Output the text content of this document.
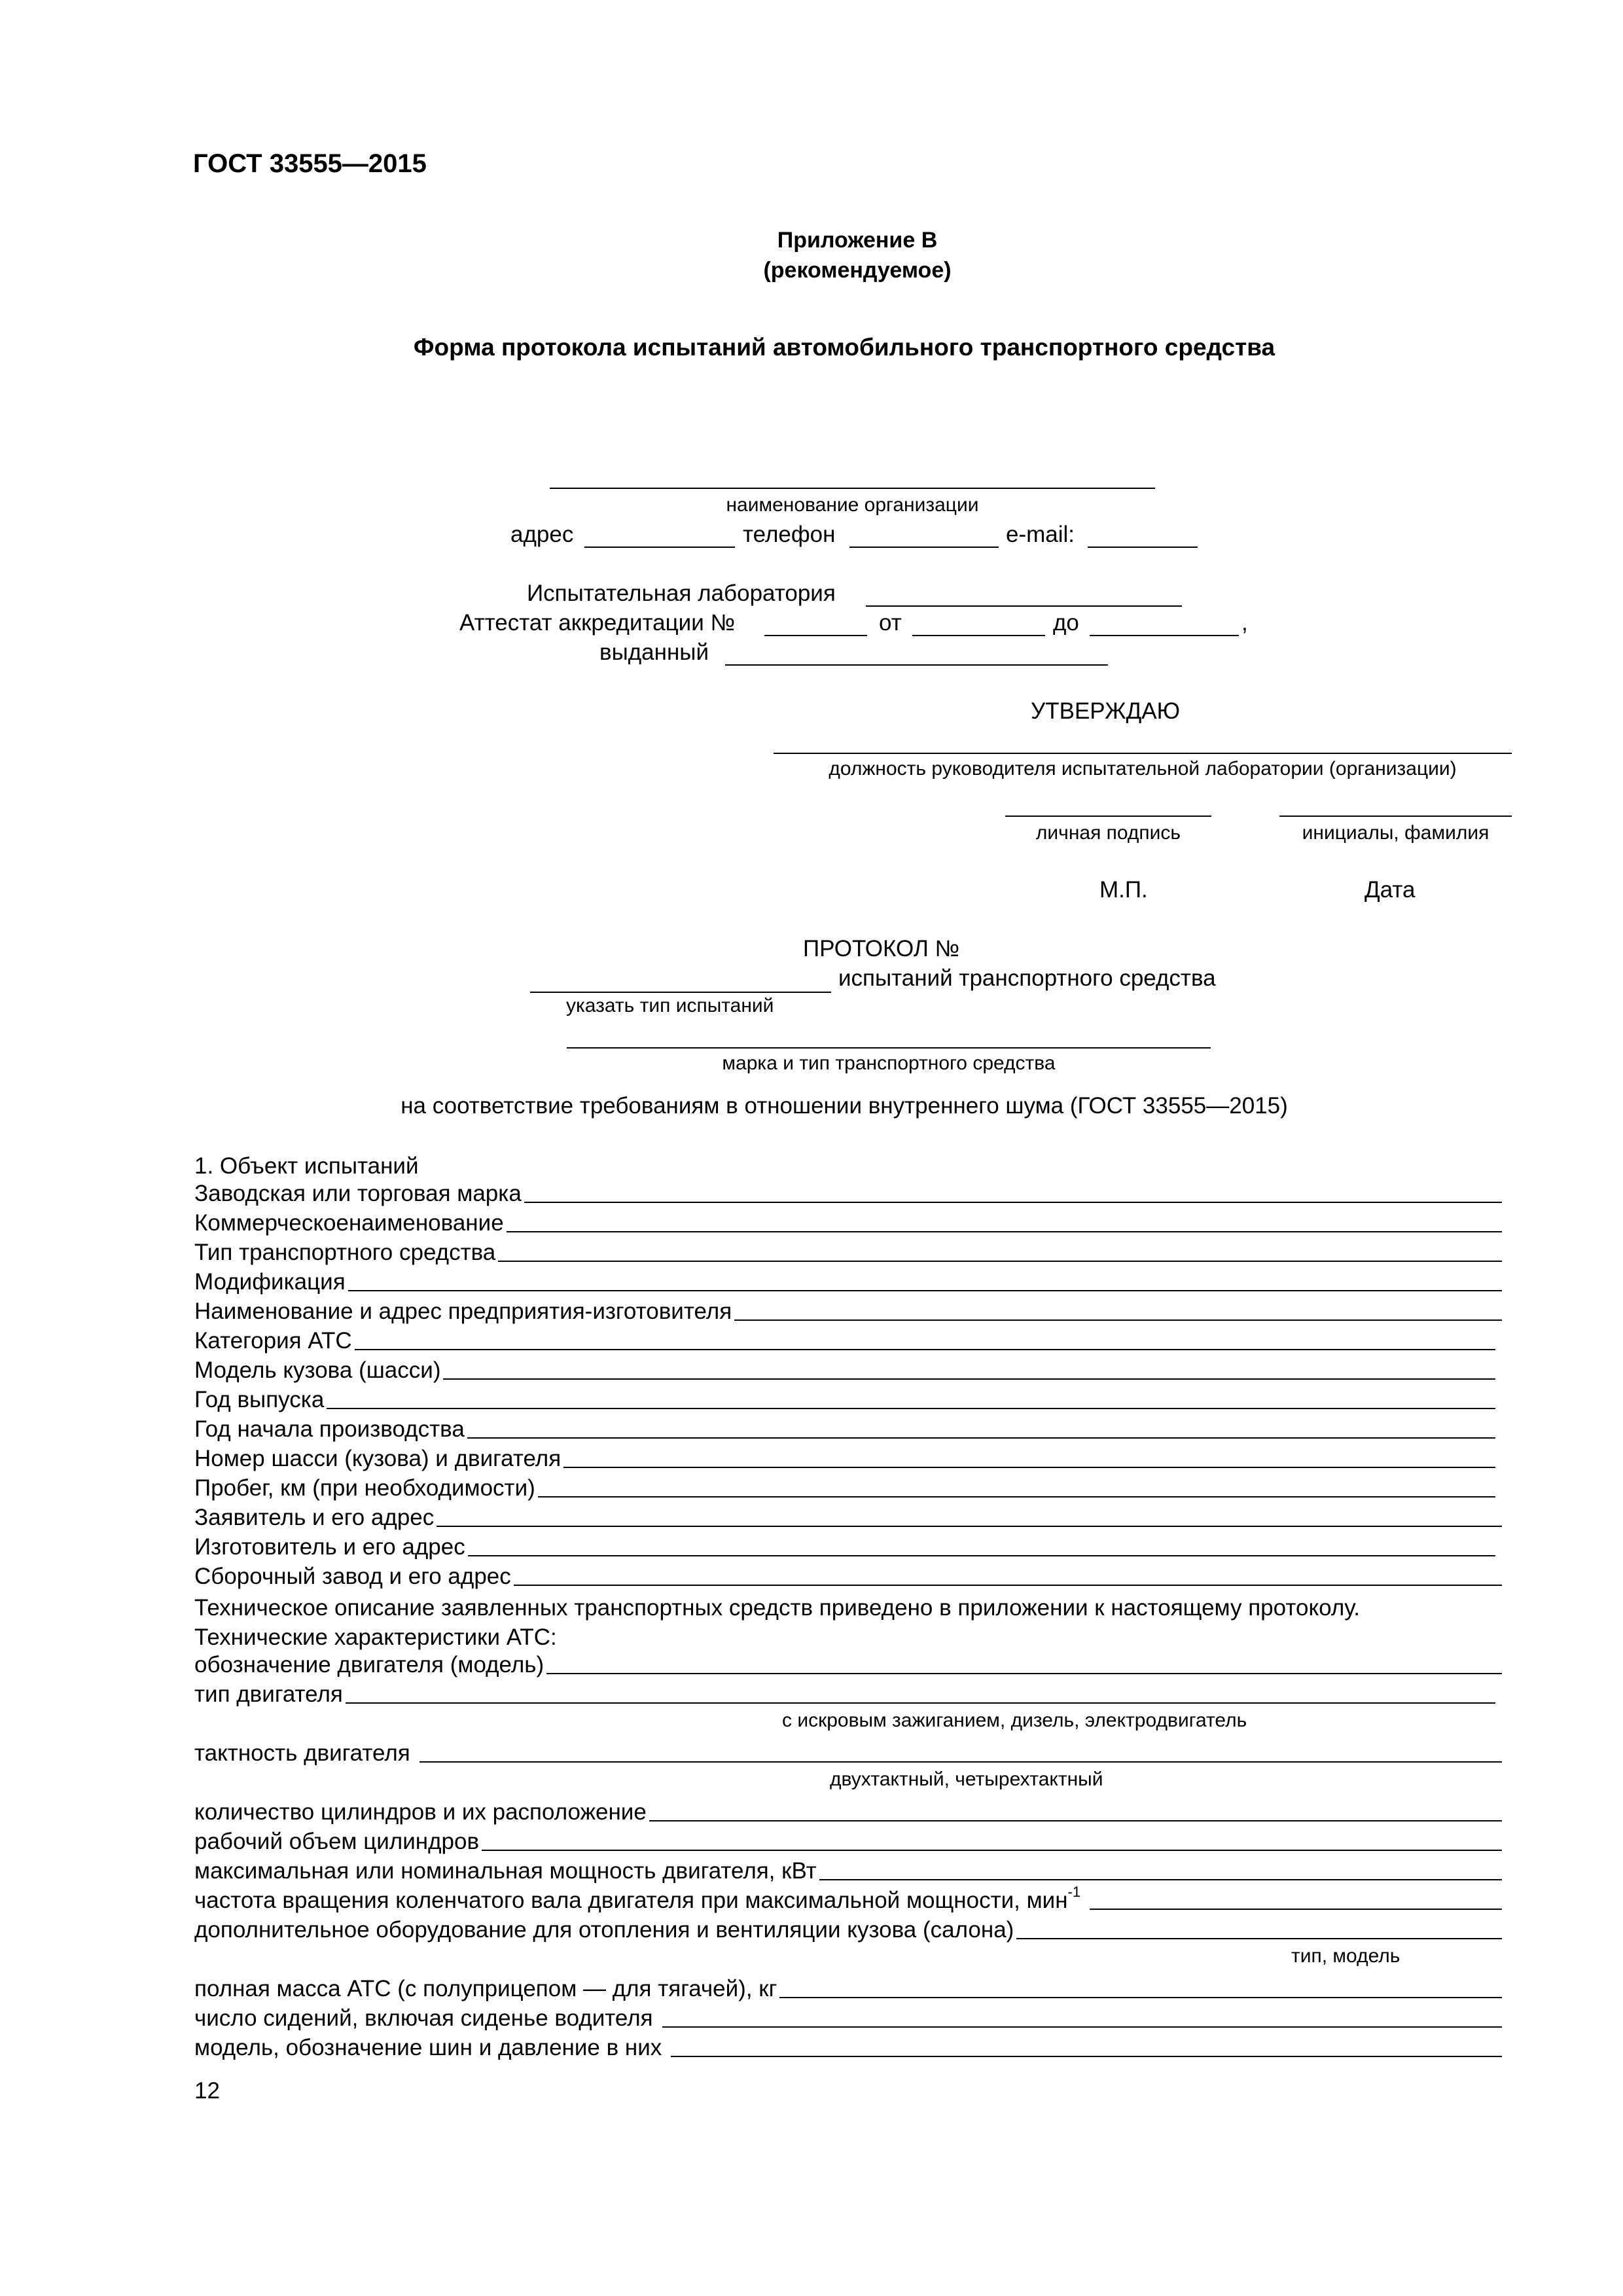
ГОСТ 33555—2015
Приложение В
(рекомендуемое)
Форма протокола испытаний автомобильного транспортного средства
наименование организации
адрес	телефон	e-mail:
Испытательная лаборатория
Аттестат аккредитации №	от	до	,
выданный
УТВЕРЖДАЮ
должность руководителя испытательной лаборатории (организации)
личная подпись	инициалы, фамилия
М.П.	Дата
ПРОТОКОЛ №
испытаний транспортного средства
указать тип испытаний
марка и тип транспортного средства
на соответствие требованиям в отношении внутреннего шума (ГОСТ 33555—2015)
1. Объект испытаний
Заводская или торговая марка
Коммерческоенаименование
Тип транспортного средства
Модификация
Наименование и адрес предприятия-изготовителя
Категория АТС
Модель кузова (шасси)
Год выпуска
Год начала производства
Номер шасси (кузова) и двигателя
Пробег, км (при необходимости)
Заявитель и его адрес
Изготовитель и его адрес
Сборочный завод и его адрес
Техническое описание заявленных транспортных средств приведено в приложении к настоящему протоколу.
Технические характеристики АТС:
обозначение двигателя (модель)
тип двигателя
с искровым зажиганием, дизель, электродвигатель
тактность двигателя
двухтактный, четырехтактный
количество цилиндров и их расположение
рабочий объем цилиндров
максимальная или номинальная мощность двигателя, кВт
частота вращения коленчатого вала двигателя при максимальной мощности, мин$^{-1}$
дополнительное оборудование для отопления и вентиляции кузова (салона)
тип, модель
полная масса АТС (с полуприцепом — для тягачей), кг
число сидений, включая сиденье водителя
модель, обозначение шин и давление в них
12
